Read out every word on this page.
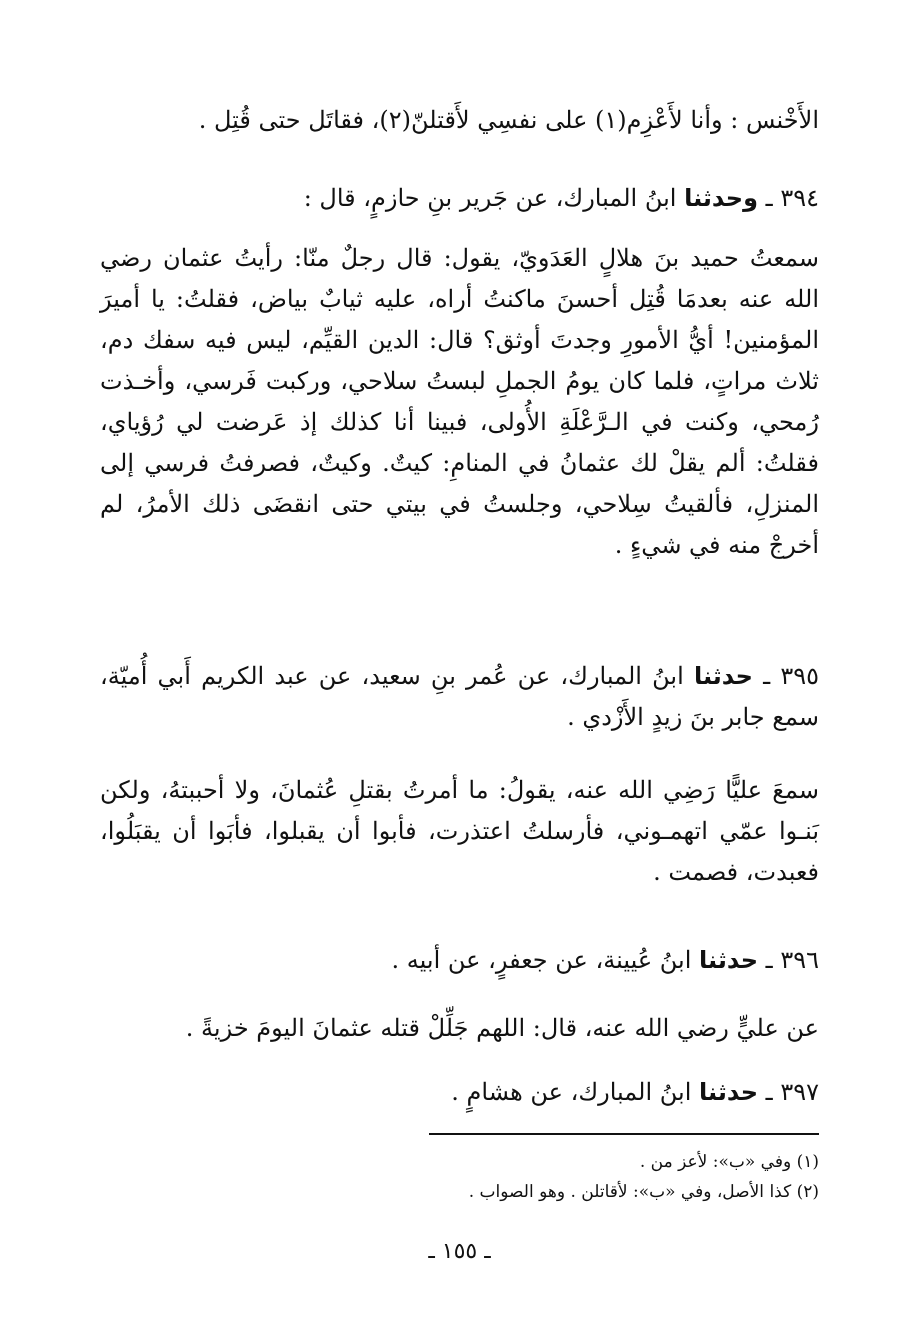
الأَخْنس : وأنا لأَعْزِم(١) على نفسِي لأَقتلنّ(٢)، فقاتَل حتى قُتِل .

٣٩٤ ـ وحدثنا ابنُ المبارك، عن جَرير بنِ حازمٍ، قال :

سمعتُ حميد بنَ هلالٍ العَدَويّ، يقول: قال رجلٌ منّا: رأيتُ عثمان رضي الله عنه بعدمَا قُتِل أحسنَ ماكنتُ أراه، عليه ثيابٌ بياض، فقلتُ: يا أميرَ المؤمنين! أيُّ الأمورِ وجدتَ أوثق؟ قال: الدين القيِّم، ليس فيه سفك دم، ثلاث مراتٍ، فلما كان يومُ الجملِ لبستُ سلاحي، وركبت فَرسي، وأخـذت رُمحي، وكنت في الـرَّعْلَةِ الأُولى، فبينا أنا كذلك إذ عَرضت لي رُؤياي، فقلتُ: ألم يقلْ لك عثمانُ في المنامِ: كيتٌ. وكيتٌ، فصرفتُ فرسي إلى المنزلِ، فألقيتُ سِلاحي، وجلستُ في بيتي حتى انقضَى ذلك الأمرُ، لم أخرجْ منه في شيءٍ .

٣٩٥ ـ حدثنا ابنُ المبارك، عن عُمر بنِ سعيد، عن عبد الكريم أَبي أُميّة، سمع جابر بنَ زيدٍ الأَزْدي .

سمعَ عليًّا رَضِي الله عنه، يقولُ: ما أمرتُ بقتلِ عُثمانَ، ولا أحببتهُ، ولكن بَنـوا عمّي اتهمـوني، فأرسلتُ اعتذرت، فأبوا أن يقبلوا، فأبَوا أن يقبَلُوا، فعبدت، فصمت .

٣٩٦ ـ حدثنا ابنُ عُيينة، عن جعفرٍ، عن أبيه .

عن عليٍّ رضي الله عنه، قال: اللهم جَلِّلْ قتله عثمانَ اليومَ خزيةً .

٣٩٧ ـ حدثنا ابنُ المبارك، عن هشامٍ .

(١) وفي «ب»: لأعز من .

(٢) كذا الأصل، وفي «ب»: لأقاتلن . وهو الصواب .

ـ ١٥٥ ـ
